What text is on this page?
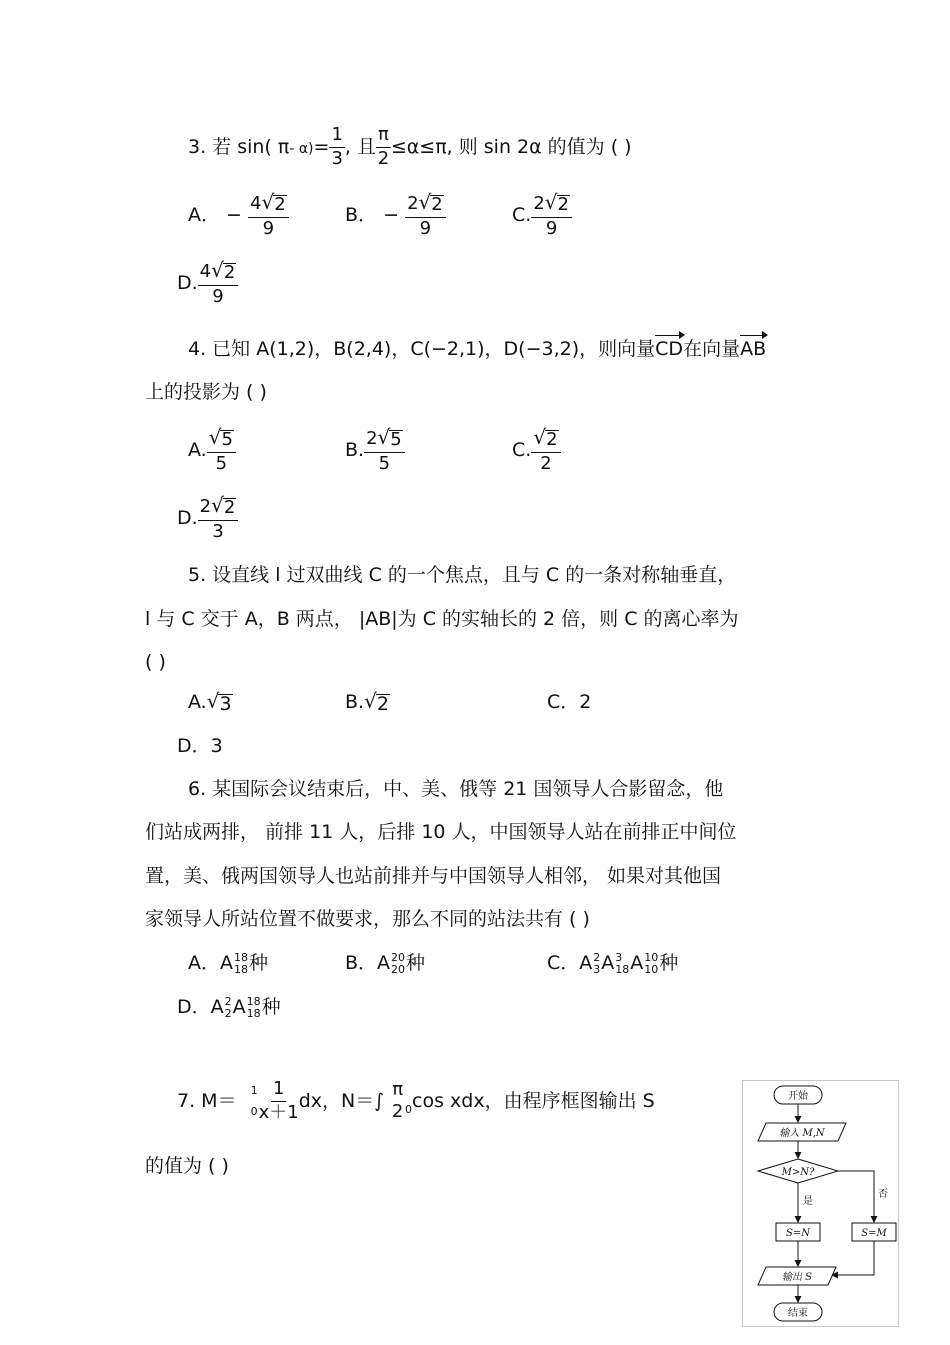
3. 若 sin( π- $\alpha)= \frac{1}{3}$ , 且 $\frac{\pi}{2} \le\alpha\le\pi$, 则 sin 2α 的值为 ( )
A． − $\frac{4 √ 2}{9}$	B． − $\frac{2 √ 2}{9}$	C. $\frac{2 √ 2}{9}$
D. $\frac{4 √ 2}{9}$
4. 已知 A(1,2)，B(2,4)，C(−2,1)，D(−3,2)，则向量CD在向量AB
上的投影为 ( )
A. $\frac{√ 5}{5}$	B. $\frac{2 √ 5}{5}$	C. $\frac{√ 2}{2}$
D. $\frac{2 √ 2}{3}$
5. 设直线 l 过双曲线 C 的一个焦点，且与 C 的一条对称轴垂直，
l 与 C 交于 A，B 两点， |AB|为 C 的实轴长的 2 倍，则 C 的离心率为
( )
A. √ 3	B. √ 2	C．2
D．3
6. 某国际会议结束后，中、美、俄等 21 国领导人合影留念，他
们站成两排， 前排 11 人，后排 10 人，中国领导人站在前排正中间位
置，美、俄两国领导人也站前排并与中国领导人相邻， 如果对其他国
家领导人所站位置不做要求，那么不同的站法共有 ( )
A．A 18
18 种	B．A 20
20 种	C．A 2
3 A 3
18 A 10
10 种
D．A 2
2 A 18
18 种
7. M＝ 1
$0 \frac{1}{x+1}$ dx，N＝∫
π
2 $_0$cos xdx，由程序框图输出 S
的值为 ( )
开始
输入 M,N
M>N?
是
否
S=N	S=M
输出 S
结束
